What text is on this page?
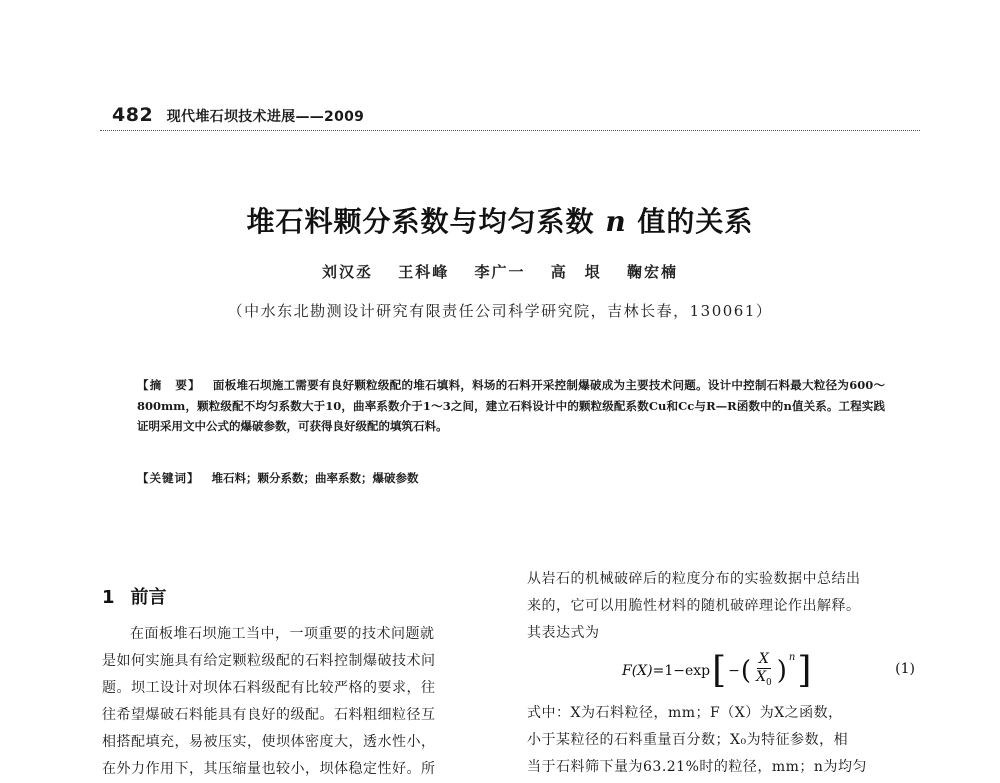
482 现代堆石坝技术进展——2009
堆石料颗分系数与均匀系数 n 值的关系
刘汉丞 王科峰 李广一 高　垠 鞠宏楠
（中水东北勘测设计研究有限责任公司科学研究院，吉林长春，130061）
【摘　要】 面板堆石坝施工需要有良好颗粒级配的堆石填料，料场的石料开采控制爆破成为主要技术问题。设计中控制石料最大粒径为600～800mm，颗粒级配不均匀系数大于10，曲率系数介于1～3之间，建立石料设计中的颗粒级配系数Cu和Cc与R—R函数中的n值关系。工程实践证明采用文中公式的爆破参数，可获得良好级配的填筑石料。
【关键词】 堆石料；颗分系数；曲率系数；爆破参数
1 前言
在面板堆石坝施工当中，一项重要的技术问题就
是如何实施具有给定颗粒级配的石料控制爆破技术问
题。坝工设计对坝体石料级配有比较严格的要求，往
往希望爆破石料能具有良好的级配。石料粗细粒径互
相搭配填充，易被压实，使坝体密度大，透水性小，
在外力作用下，其压缩量也较小，坝体稳定性好。所
从岩石的机械破碎后的粒度分布的实验数据中总结出
来的，它可以用脆性材料的随机破碎理论作出解释。
其表达式为
F(X) =1−exp [ − ( $\frac{X}{X_0}$ ) n ]	(1)
式中：X为石料粒径，mm；F（X）为X之函数，
小于某粒径的石料重量百分数；X₀为特征参数，相
当于石料筛下量为63.21%时的粒径，mm；n为均匀
